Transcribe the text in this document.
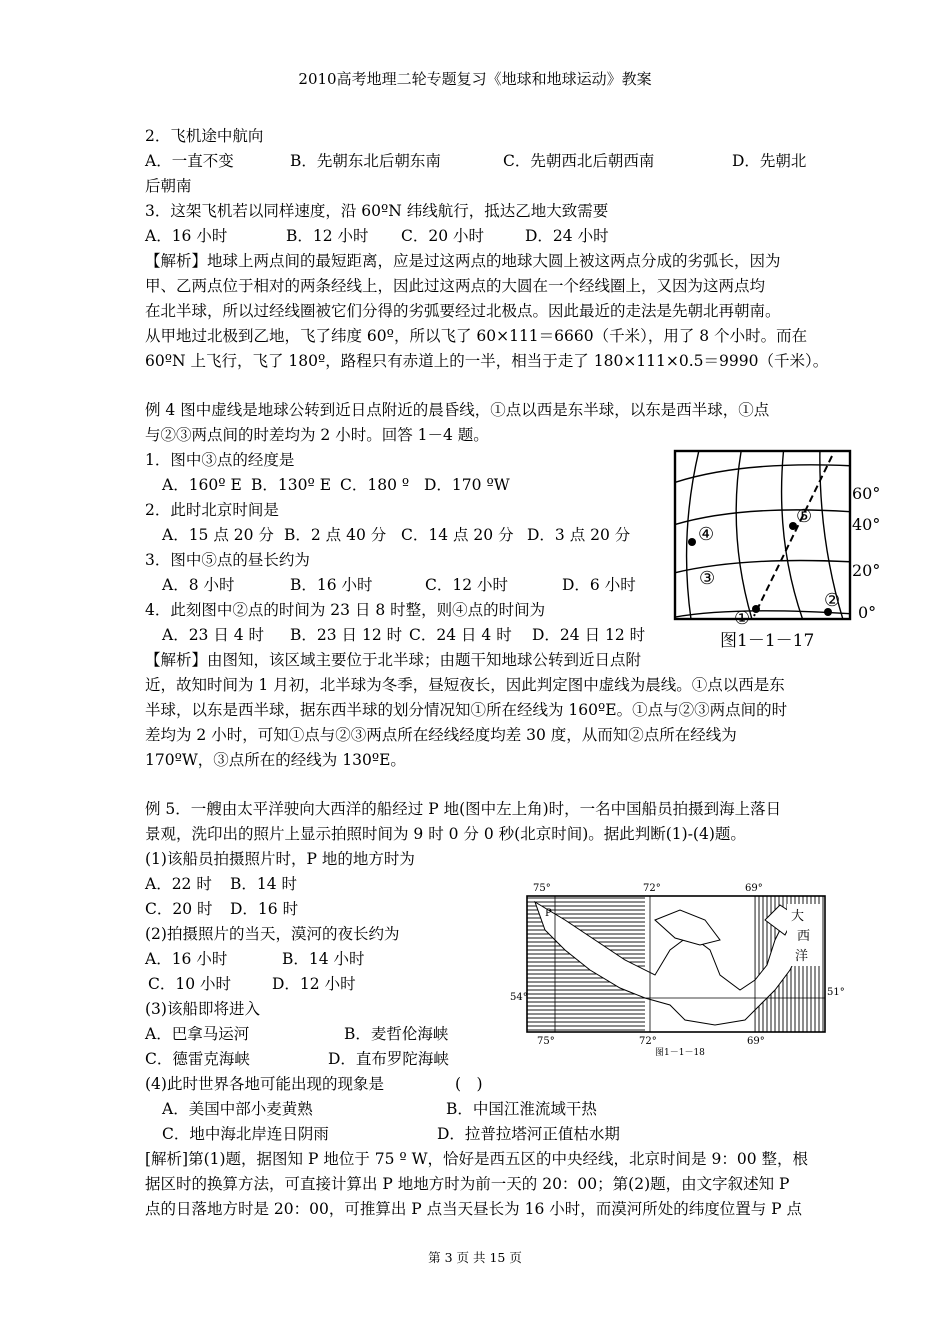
2010高考地理二轮专题复习《地球和地球运动》教案
2．飞机途中航向
A．一直不变	B．先朝东北后朝东南	C．先朝西北后朝西南	D．先朝北
后朝南
3．这架飞机若以同样速度，沿 60ºN 纬线航行，抵达乙地大致需要
A．16 小时	B．12 小时 C．20 小时	D．24 小时
【解析】地球上两点间的最短距离，应是过这两点的地球大圆上被这两点分成的劣弧长，因为
甲、乙两点位于相对的两条经线上，因此过这两点的大圆在一个经线圈上，又因为这两点均
在北半球，所以过经线圈被它们分得的劣弧要经过北极点。因此最近的走法是先朝北再朝南。
从甲地过北极到乙地，飞了纬度 60º，所以飞了 60×111＝6660（千米），用了 8 个小时。而在
60ºN 上飞行，飞了 180º，路程只有赤道上的一半，相当于走了 180×111×0.5＝9990（千米）。
例 4 图中虚线是地球公转到近日点附近的晨昏线，①点以西是东半球，以东是西半球，①点
与②③两点间的时差均为 2 小时。回答 1－4 题。
1．图中③点的经度是
A．160º E B．130º E C．180 º D．170 ºW
2．此时北京时间是
A．15 点 20 分 B．2 点 40 分 C．14 点 20 分 D．3 点 20 分
3．图中⑤点的昼长约为
A．8 小时	B．16 小时	C．12 小时	D．6 小时
4．此刻图中②点的时间为 23 日 8 时整，则④点的时间为
A．23 日 4 时 B．23 日 12 时 C．24 日 4 时 D．24 日 12 时
【解析】由图知，该区域主要位于北半球；由题干知地球公转到近日点附
近，故知时间为 1 月初，北半球为冬季，昼短夜长，因此判定图中虚线为晨线。①点以西是东
半球，以东是西半球，据东西半球的划分情况知①所在经线为 160ºE。①点与②③两点间的时
差均为 2 小时，可知①点与②③两点所在经线经度均差 30 度，从而知②点所在经线为
170ºW，③点所在的经线为 130ºE。
④
③
①
②
⑤
60°
40°
20°
0°
图1－1－17
例 5．一艘由太平洋驶向大西洋的船经过 P 地(图中左上角)时，一名中国船员拍摄到海上落日
景观，洗印出的照片上显示拍照时间为 9 时 0 分 0 秒(北京时间)。据此判断(1)-(4)题。
(1)该船员拍摄照片时，P 地的地方时为
A．22 时 B．14 时
C．20 时 D．16 时
(2)拍摄照片的当天，漠河的夜长约为
A．16 小时	B．14 小时
C．10 小时	D．12 小时
(3)该船即将进入
A．巴拿马运河	B．麦哲伦海峡
C．德雷克海峡	D．直布罗陀海峡
(4)此时世界各地可能出现的现象是	(　)
A．美国中部小麦黄熟	B．中国江淮流域干热
C．地中海北岸连日阴雨	D．拉普拉塔河正值枯水期
[解析]第(1)题，据图知 P 地位于 75 º W，恰好是西五区的中央经线，北京时间是 9：00 整，根
据区时的换算方法，可直接计算出 P 地地方时为前一天的 20：00；第(2)题，由文字叙述知 P
点的日落地方时是 20：00，可推算出 P 点当天昼长为 16 小时，而漠河所处的纬度位置与 P 点
75°	72°	69°
P	大
西
洋
54°	51°
75°	72°	69°
图1－1－18
第 3 页 共 15 页
